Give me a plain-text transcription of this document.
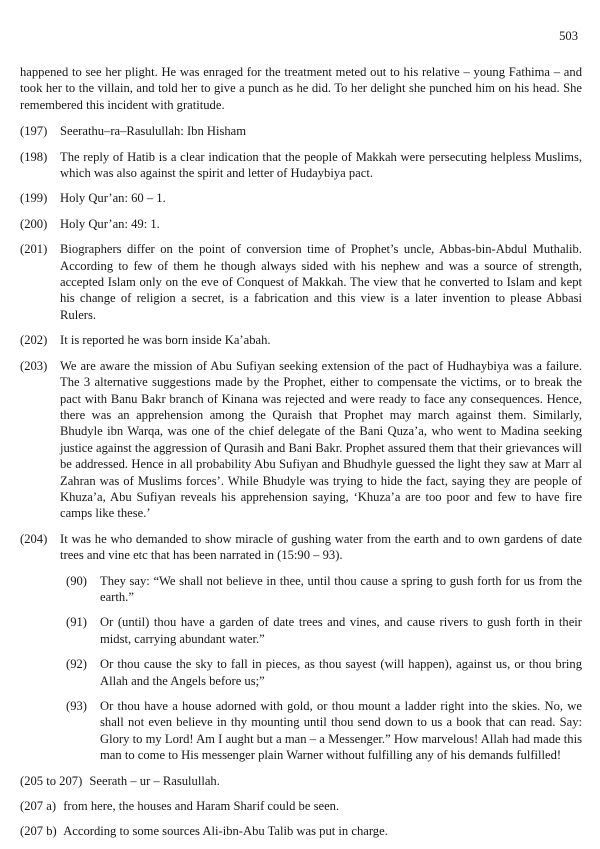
503

happened to see her plight. He was enraged for the treatment meted out to his relative – young Fathima – and took her to the villain, and told her to give a punch as he did. To her delight she punched him on his head. She remembered this incident with gratitude.

(197) Seerathu–ra–Rasulullah: Ibn Hisham
(198) The reply of Hatib is a clear indication that the people of Makkah were persecuting helpless Muslims, which was also against the spirit and letter of Hudaybiya pact.
(199) Holy Qur’an: 60 – 1.
(200) Holy Qur’an: 49: 1.
(201) Biographers differ on the point of conversion time of Prophet’s uncle, Abbas-bin-Abdul Muthalib. According to few of them he though always sided with his nephew and was a source of strength, accepted Islam only on the eve of Conquest of Makkah. The view that he converted to Islam and kept his change of religion a secret, is a fabrication and this view is a later invention to please Abbasi Rulers.
(202) It is reported he was born inside Ka’abah.
(203) We are aware the mission of Abu Sufiyan seeking extension of the pact of Hudhaybiya was a failure. The 3 alternative suggestions made by the Prophet, either to compensate the victims, or to break the pact with Banu Bakr branch of Kinana was rejected and were ready to face any consequences. Hence, there was an apprehension among the Quraish that Prophet may march against them. Similarly, Bhudyle ibn Warqa, was one of the chief delegate of the Bani Quza’a, who went to Madina seeking justice against the aggression of Qurasih and Bani Bakr. Prophet assured them that their grievances will be addressed. Hence in all probability Abu Sufiyan and Bhudhyle guessed the light they saw at Marr al Zahran was of Muslims forces’. While Bhudyle was trying to hide the fact, saying they are people of Khuza’a, Abu Sufiyan reveals his apprehension saying, ‘Khuza’a are too poor and few to have fire camps like these.’
(204) It was he who demanded to show miracle of gushing water from the earth and to own gardens of date trees and vine etc that has been narrated in (15:90 – 93).
(90) They say: “We shall not believe in thee, until thou cause a spring to gush forth for us from the earth.”
(91) Or (until) thou have a garden of date trees and vines, and cause rivers to gush forth in their midst, carrying abundant water.”
(92) Or thou cause the sky to fall in pieces, as thou sayest (will happen), against us, or thou bring Allah and the Angels before us;”
(93) Or thou have a house adorned with gold, or thou mount a ladder right into the skies. No, we shall not even believe in thy mounting until thou send down to us a book that can read. Say: Glory to my Lord! Am I aught but a man – a Messenger.” How marvelous! Allah had made this man to come to His messenger plain Warner without fulfilling any of his demands fulfilled!
(205 to 207) Seerath – ur – Rasulullah.
(207 a) from here, the houses and Haram Sharif could be seen.
(207 b) According to some sources Ali-ibn-Abu Talib was put in charge.
